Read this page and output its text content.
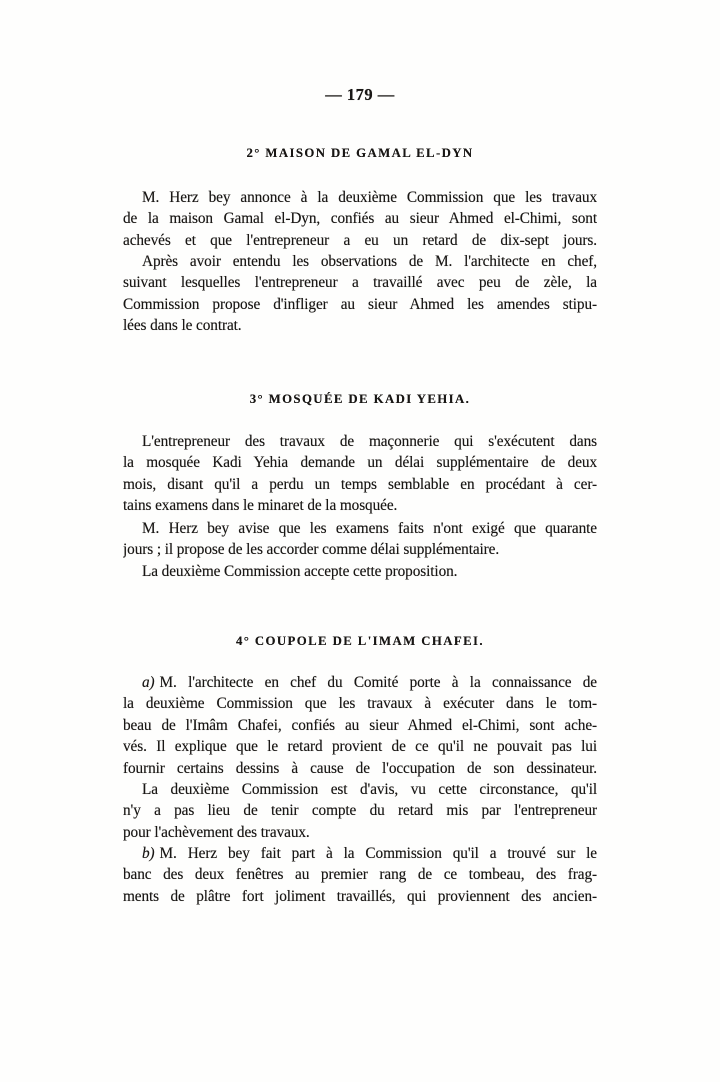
— 179 —
2° MAISON DE GAMAL EL-DYN
M. Herz bey annonce à la deuxième Commission que les travaux
de la maison Gamal el-Dyn, confiés au sieur Ahmed el-Chimi, sont
achevés et que l'entrepreneur a eu un retard de dix-sept jours.
Après avoir entendu les observations de M. l'architecte en chef,
suivant lesquelles l'entrepreneur a travaillé avec peu de zèle, la
Commission propose d'infliger au sieur Ahmed les amendes stipu-
lées dans le contrat.
3° MOSQUÉE DE KADI YEHIA.
L'entrepreneur des travaux de maçonnerie qui s'exécutent dans
la mosquée Kadi Yehia demande un délai supplémentaire de deux
mois, disant qu'il a perdu un temps semblable en procédant à cer-
tains examens dans le minaret de la mosquée.
M. Herz bey avise que les examens faits n'ont exigé que quarante
jours ; il propose de les accorder comme délai supplémentaire.
La deuxième Commission accepte cette proposition.
4° COUPOLE DE L'IMAM CHAFEI.
a) M. l'architecte en chef du Comité porte à la connaissance de
la deuxième Commission que les travaux à exécuter dans le tom-
beau de l'Imâm Chafei, confiés au sieur Ahmed el-Chimi, sont ache-
vés. Il explique que le retard provient de ce qu'il ne pouvait pas lui
fournir certains dessins à cause de l'occupation de son dessinateur.
La deuxième Commission est d'avis, vu cette circonstance, qu'il
n'y a pas lieu de tenir compte du retard mis par l'entrepreneur
pour l'achèvement des travaux.
b) M. Herz bey fait part à la Commission qu'il a trouvé sur le
banc des deux fenêtres au premier rang de ce tombeau, des frag-
ments de plâtre fort joliment travaillés, qui proviennent des ancien-
